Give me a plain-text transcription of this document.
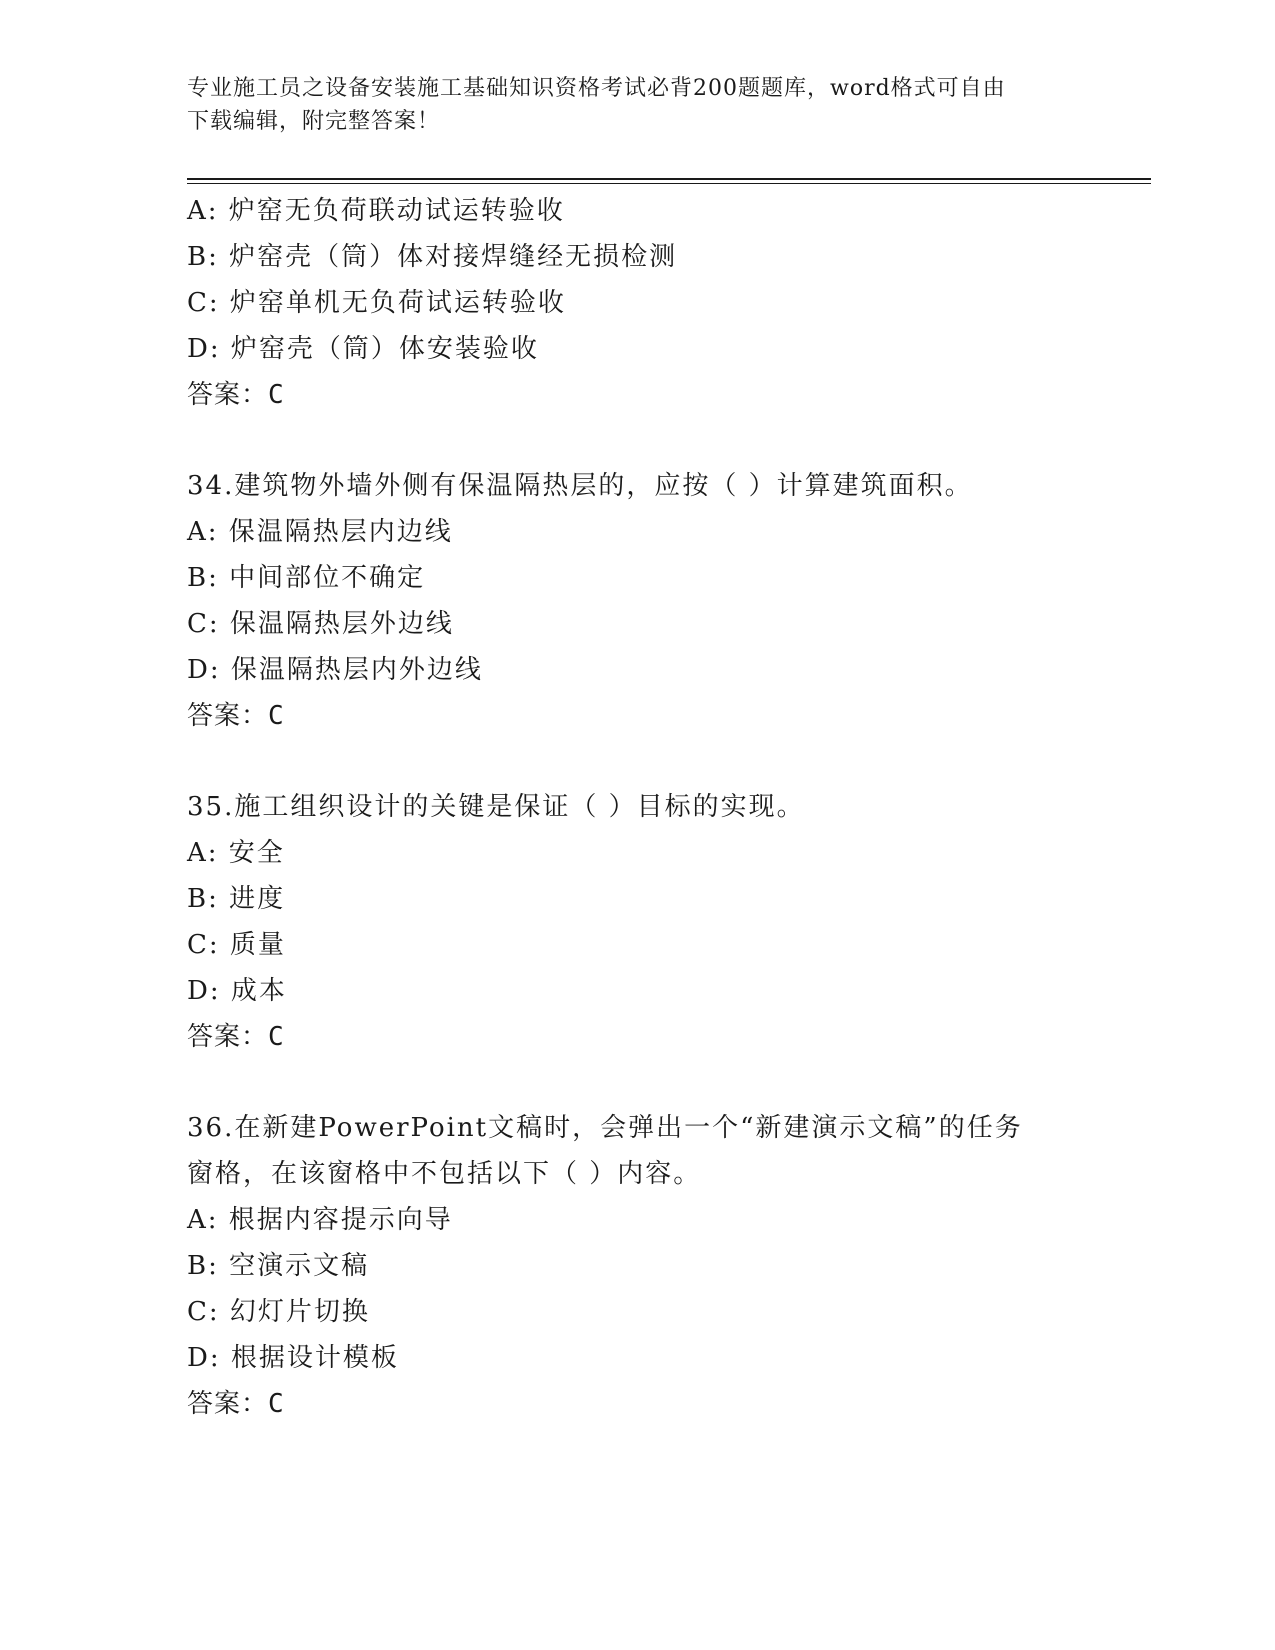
专业施工员之设备安装施工基础知识资格考试必背200题题库，word格式可自由
下载编辑，附完整答案！
A: 炉窑无负荷联动试运转验收
B: 炉窑壳（筒）体对接焊缝经无损检测
C: 炉窑单机无负荷试运转验收
D: 炉窑壳（筒）体安装验收
答案：C
34.建筑物外墙外侧有保温隔热层的，应按（ ）计算建筑面积。
A: 保温隔热层内边线
B: 中间部位不确定
C: 保温隔热层外边线
D: 保温隔热层内外边线
答案：C
35.施工组织设计的关键是保证（ ）目标的实现。
A: 安全
B: 进度
C: 质量
D: 成本
答案：C
36.在新建PowerPoint文稿时，会弹出一个“新建演示文稿”的任务
窗格，在该窗格中不包括以下（ ）内容。
A: 根据内容提示向导
B: 空演示文稿
C: 幻灯片切换
D: 根据设计模板
答案：C
